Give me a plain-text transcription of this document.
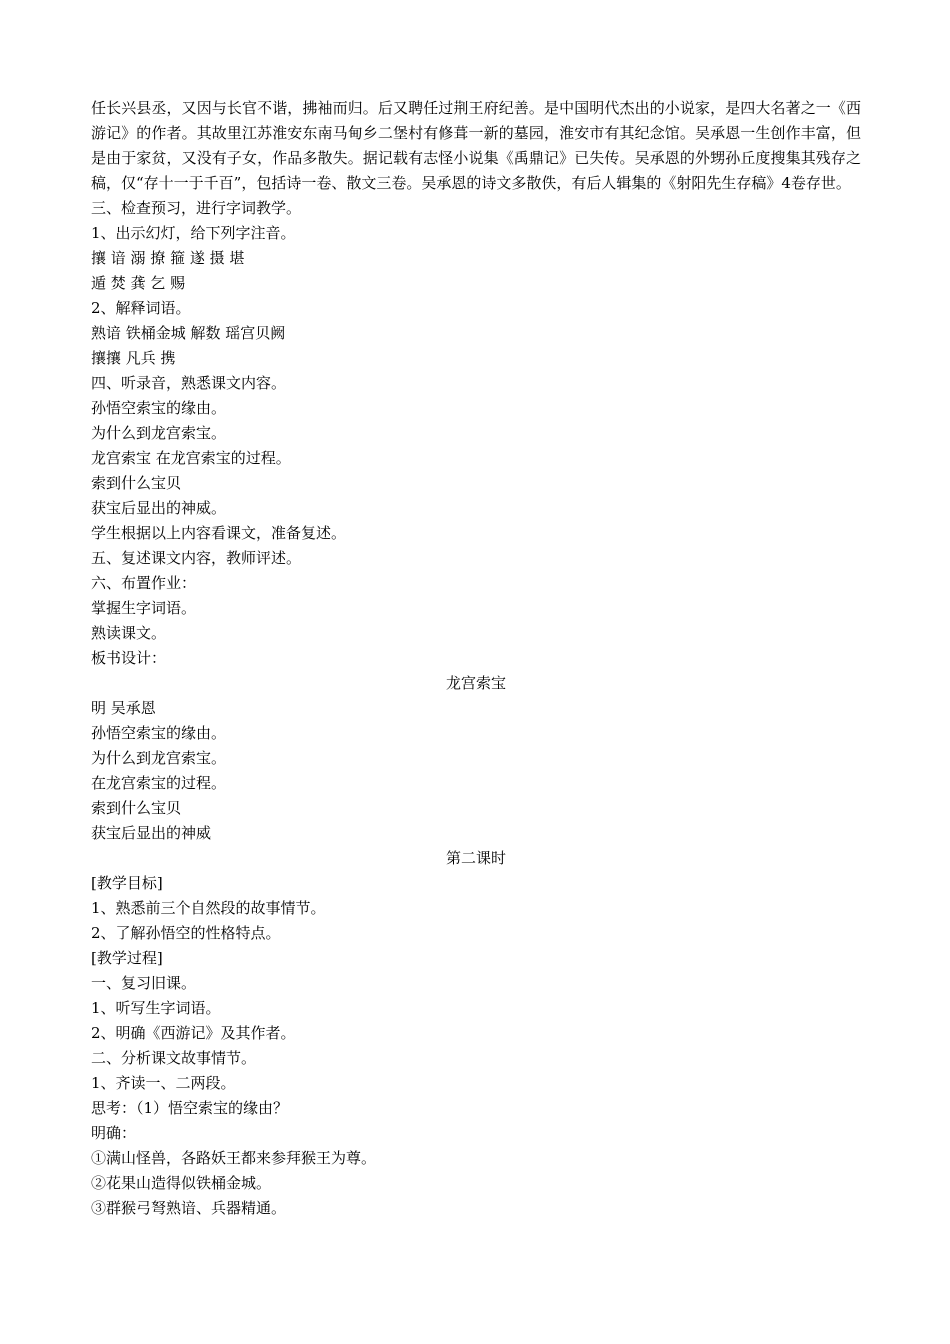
任长兴县丞，又因与长官不谐，拂袖而归。后又聘任过荆王府纪善。是中国明代杰出的小说家，是四大名著之一《西游记》的作者。其故里江苏淮安东南马甸乡二堡村有修葺一新的墓园，淮安市有其纪念馆。吴承恩一生创作丰富，但是由于家贫，又没有子女，作品多散失。据记载有志怪小说集《禹鼎记》已失传。吴承恩的外甥孙丘度搜集其残存之稿，仅“存十一于千百”，包括诗一卷、散文三卷。吴承恩的诗文多散佚，有后人辑集的《射阳先生存稿》4卷存世。

三、检查预习，进行字词教学。

1、出示幻灯，给下列字注音。

攘 谙 溺 撩 箍 遂 摄 堪

遁 焚 龚 乞 赐

2、解释词语。

熟谙 铁桶金城 解数 瑶宫贝阙

攘攘 凡兵 携

四、听录音，熟悉课文内容。

孙悟空索宝的缘由。

为什么到龙宫索宝。

龙宫索宝 在龙宫索宝的过程。

索到什么宝贝

获宝后显出的神威。

学生根据以上内容看课文，准备复述。

五、复述课文内容，教师评述。

六、布置作业：

掌握生字词语。

熟读课文。

板书设计：

龙宫索宝

明 吴承恩

孙悟空索宝的缘由。

为什么到龙宫索宝。

在龙宫索宝的过程。

索到什么宝贝

获宝后显出的神威

第二课时

[教学目标]

1、熟悉前三个自然段的故事情节。

2、了解孙悟空的性格特点。

[教学过程]

一、复习旧课。

1、听写生字词语。

2、明确《西游记》及其作者。

二、分析课文故事情节。

1、齐读一、二两段。

思考：（1）悟空索宝的缘由？

明确：

①满山怪兽，各路妖王都来参拜猴王为尊。

②花果山造得似铁桶金城。

③群猴弓弩熟谙、兵器精通。
